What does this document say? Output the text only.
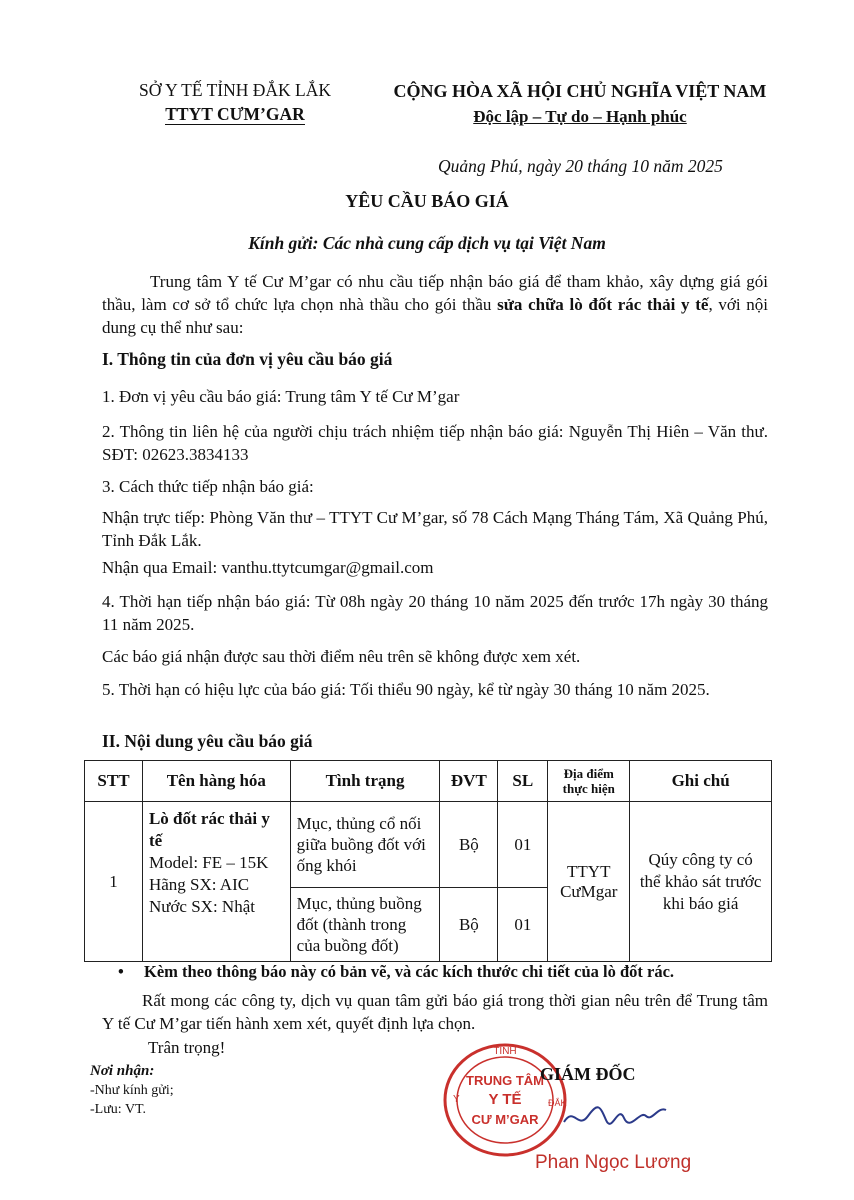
SỞ Y TẾ TỈNH ĐẮK LẮK
TTYT CƯM’GAR
CỘNG HÒA XÃ HỘI CHỦ NGHĨA VIỆT NAM
Độc lập – Tự do – Hạnh phúc
Quảng Phú, ngày 20 tháng 10 năm 2025
YÊU CẦU BÁO GIÁ
Kính gửi: Các nhà cung cấp dịch vụ tại Việt Nam

Trung tâm Y tế Cư M’gar có nhu cầu tiếp nhận báo giá để tham khảo, xây dựng giá gói thầu, làm cơ sở tổ chức lựa chọn nhà thầu cho gói thầu sửa chữa lò đốt rác thải y tế, với nội dung cụ thể như sau:

I. Thông tin của đơn vị yêu cầu báo giá

1. Đơn vị yêu cầu báo giá: Trung tâm Y tế Cư M’gar

2. Thông tin liên hệ của người chịu trách nhiệm tiếp nhận báo giá: Nguyễn Thị Hiên – Văn thư. SĐT: 02623.3834133

3. Cách thức tiếp nhận báo giá:

Nhận trực tiếp: Phòng Văn thư – TTYT Cư M’gar, số 78 Cách Mạng Tháng Tám, Xã Quảng Phú, Tỉnh Đắk Lắk.

Nhận qua Email: vanthu.ttytcumgar@gmail.com

4. Thời hạn tiếp nhận báo giá: Từ 08h ngày 20 tháng 10 năm 2025 đến trước 17h ngày 30 tháng 11 năm 2025.

Các báo giá nhận được sau thời điểm nêu trên sẽ không được xem xét.

5. Thời hạn có hiệu lực của báo giá: Tối thiểu 90 ngày, kể từ ngày 30 tháng 10 năm 2025.

II. Nội dung yêu cầu báo giá
STT	Tên hàng hóa	Tình trạng	ĐVT	SL	Địa điểm thực hiện	Ghi chú
1	Lò đốt rác thải y tế
Model: FE – 15K
Hãng SX: AIC
Nước SX: Nhật	Mục, thủng cổ nối giữa buồng đốt với ống khói	Bộ	01	TTYT CưMgar	Qúy công ty có thể khảo sát trước khi báo giá
		Mục, thủng buồng đốt (thành trong của buồng đốt)	Bộ	01		
• Kèm theo thông báo này có bản vẽ, và các kích thước chi tiết của lò đốt rác.

Rất mong các công ty, dịch vụ quan tâm gửi báo giá trong thời gian nêu trên để Trung tâm Y tế Cư M’gar tiến hành xem xét, quyết định lựa chọn.

Trân trọng!
Nơi nhận:
-Như kính gửi;
-Lưu: VT.
TỈNH
Y	ĐẮK
TRUNG TÂM
Y TẾ
CƯ M’GAR
GIÁM ĐỐC
Phan Ngọc Lương
